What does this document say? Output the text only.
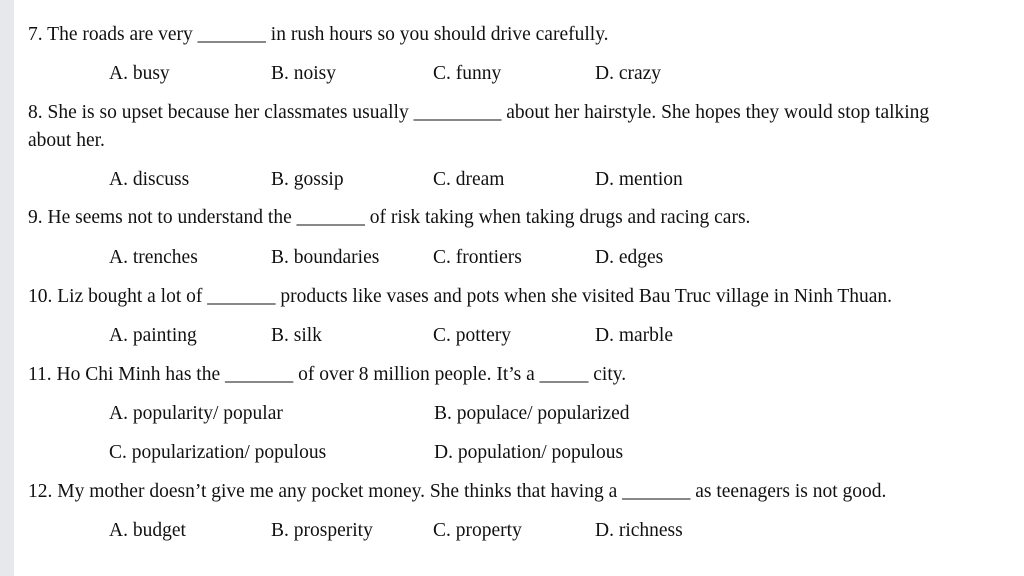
7. The roads are very _______ in rush hours so you should drive carefully.
A. busy	B. noisy	C. funny	D. crazy
8. She is so upset because her classmates usually _________ about her hairstyle. She hopes they would stop talking
about her.
A. discuss	B. gossip	C. dream	D. mention
9. He seems not to understand the _______ of risk taking when taking drugs and racing cars.
A. trenches	B. boundaries	C. frontiers	D. edges
10. Liz bought a lot of _______ products like vases and pots when she visited Bau Truc village in Ninh Thuan.
A. painting	B. silk	C. pottery	D. marble
11. Ho Chi Minh has the _______ of over 8 million people. It’s a _____ city.
A. popularity/ popular	B. populace/ popularized
C. popularization/ populous	D. population/ populous
12. My mother doesn’t give me any pocket money. She thinks that having a _______ as teenagers is not good.
A. budget	B. prosperity	C. property	D. richness
